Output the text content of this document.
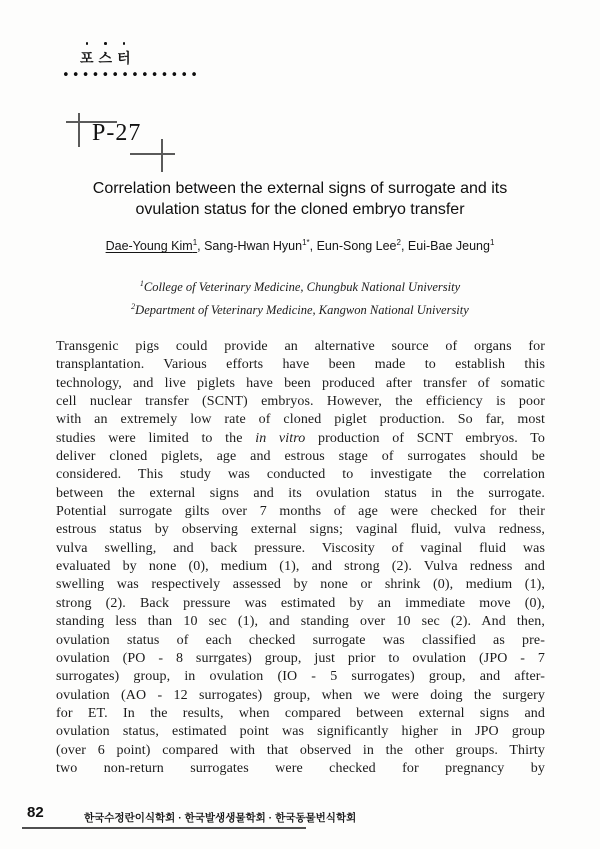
포 스 터
••••••••••••••
P-27
Correlation between the external signs of surrogate and its
ovulation status for the cloned embryo transfer
Dae-Young Kim$^1$, Sang-Hwan Hyun$^{1*}$, Eun-Song Lee$^2$, Eui-Bae Jeung$^1$
$^1$College of Veterinary Medicine, Chungbuk National University
$^2$Department of Veterinary Medicine, Kangwon National University
Transgenic pigs could provide an alternative source of organs for
transplantation. Various efforts have been made to establish this
technology, and live piglets have been produced after transfer of somatic
cell nuclear transfer (SCNT) embryos. However, the efficiency is poor
with an extremely low rate of cloned piglet production. So far, most
studies were limited to the in vitro production of SCNT embryos. To
deliver cloned piglets, age and estrous stage of surrogates should be
considered. This study was conducted to investigate the correlation
between the external signs and its ovulation status in the surrogate.
Potential surrogate gilts over 7 months of age were checked for their
estrous status by observing external signs; vaginal fluid, vulva redness,
vulva swelling, and back pressure. Viscosity of vaginal fluid was
evaluated by none (0), medium (1), and strong (2). Vulva redness and
swelling was respectively assessed by none or shrink (0), medium (1),
strong (2). Back pressure was estimated by an immediate move (0),
standing less than 10 sec (1), and standing over 10 sec (2). And then,
ovulation status of each checked surrogate was classified as pre-
ovulation (PO - 8 surrgates) group, just prior to ovulation (JPO - 7
surrogates) group, in ovulation (IO - 5 surrogates) group, and after-
ovulation (AO - 12 surrogates) group, when we were doing the surgery
for ET. In the results, when compared between external signs and
ovulation status, estimated point was significantly higher in JPO group
(over 6 point) compared with that observed in the other groups. Thirty
two non-return surrogates were checked for pregnancy by
82	한국수정란이식학회 · 한국발생생물학회 · 한국동물번식학회
